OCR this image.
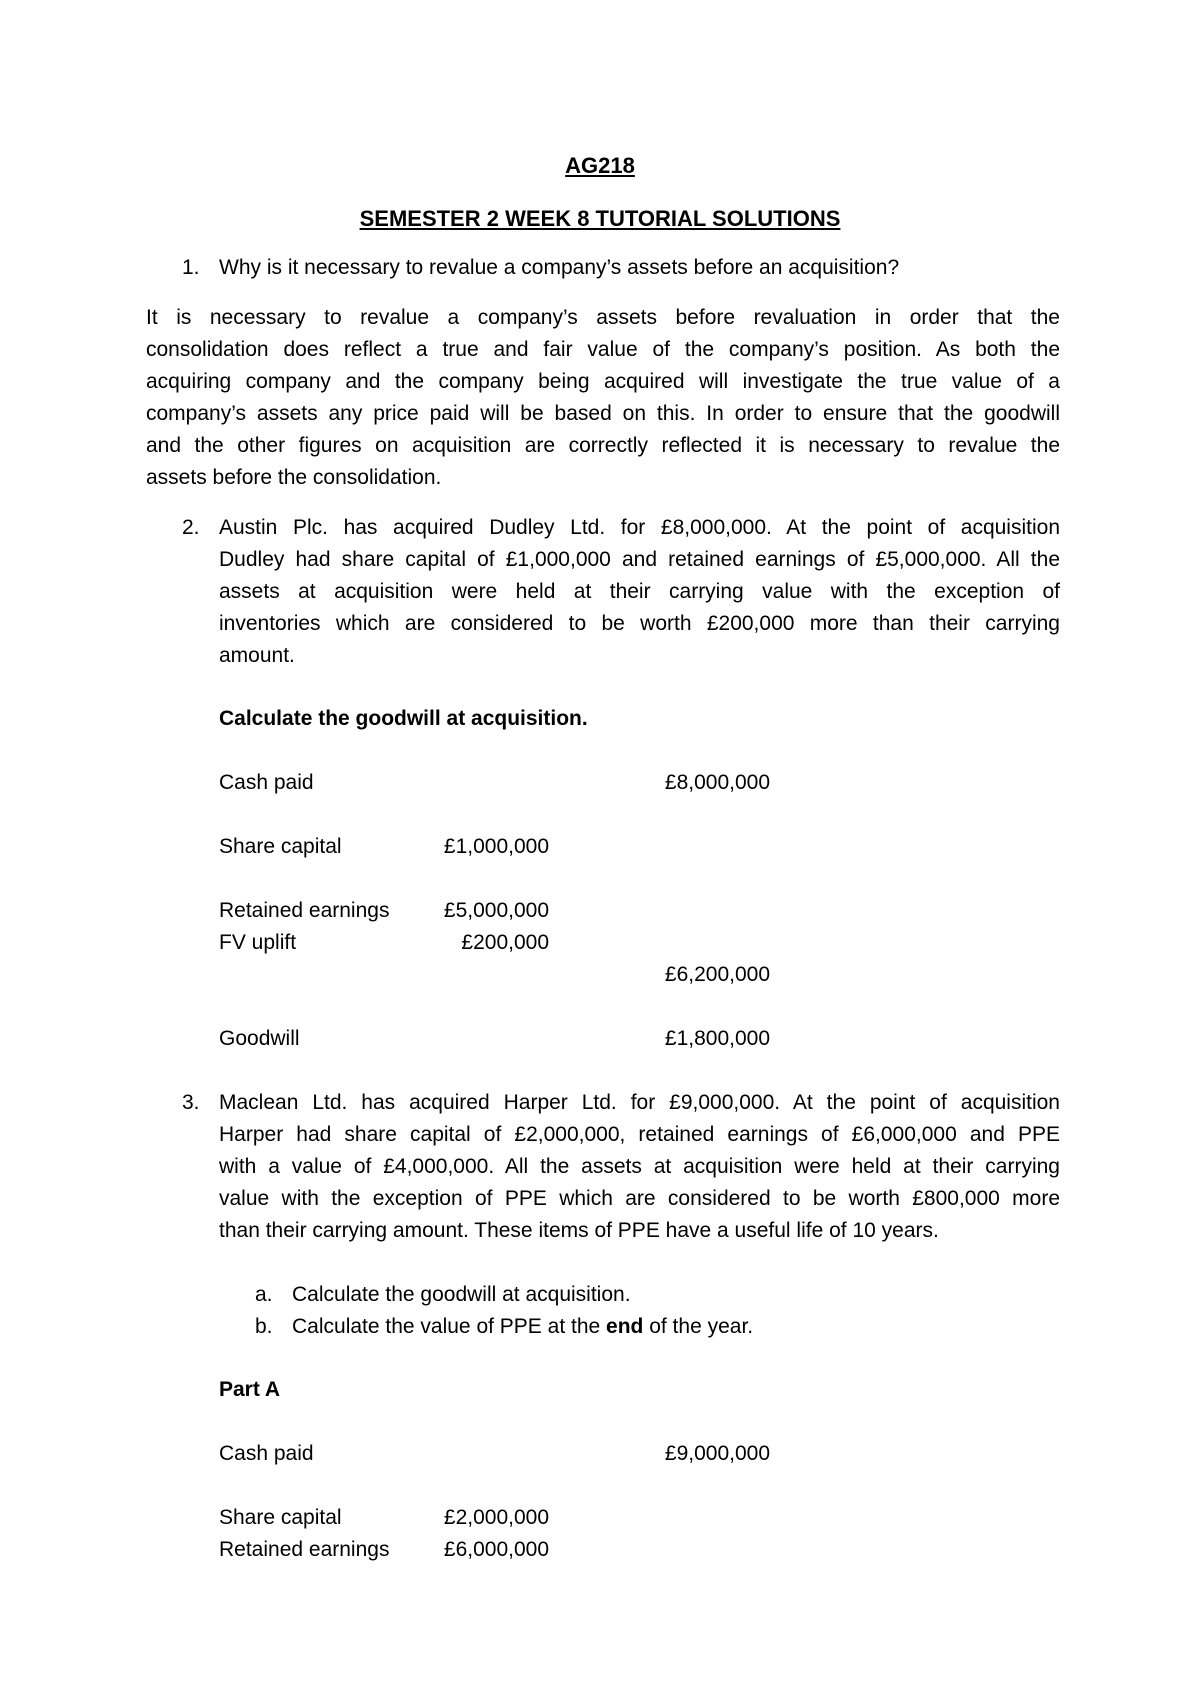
AG218
SEMESTER 2 WEEK 8 TUTORIAL SOLUTIONS
1. Why is it necessary to revalue a company’s assets before an acquisition?
It is necessary to revalue a company’s assets before revaluation in order that the
consolidation does reflect a true and fair value of the company’s position. As both the
acquiring company and the company being acquired will investigate the true value of a
company’s assets any price paid will be based on this. In order to ensure that the goodwill
and the other figures on acquisition are correctly reflected it is necessary to revalue the
assets before the consolidation.
2. Austin Plc. has acquired Dudley Ltd. for £8,000,000. At the point of acquisition
Dudley had share capital of £1,000,000 and retained earnings of £5,000,000. All the
assets at acquisition were held at their carrying value with the exception of
inventories which are considered to be worth £200,000 more than their carrying
amount.
Calculate the goodwill at acquisition.
Cash paid	£8,000,000
Share capital	£1,000,000
Retained earnings	£5,000,000
FV uplift	£200,000
£6,200,000
Goodwill	£1,800,000
3. Maclean Ltd. has acquired Harper Ltd. for £9,000,000. At the point of acquisition
Harper had share capital of £2,000,000, retained earnings of £6,000,000 and PPE
with a value of £4,000,000. All the assets at acquisition were held at their carrying
value with the exception of PPE which are considered to be worth £800,000 more
than their carrying amount. These items of PPE have a useful life of 10 years.
a. Calculate the goodwill at acquisition.
b. Calculate the value of PPE at the end of the year.
Part A
Cash paid	£9,000,000
Share capital	£2,000,000
Retained earnings	£6,000,000
